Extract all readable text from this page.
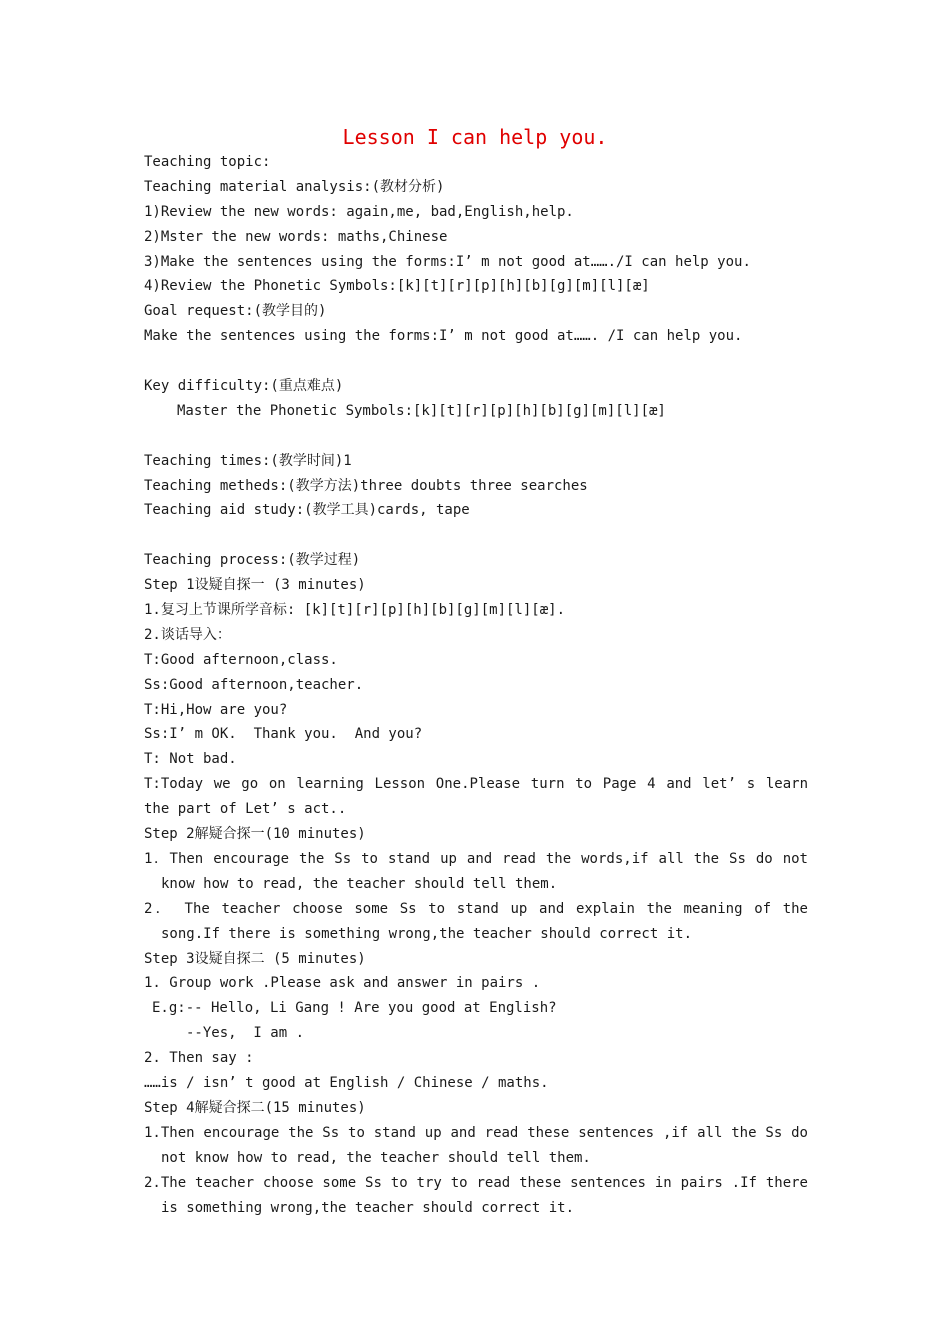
Lesson I can help you.
Teaching topic:
Teaching material analysis:(教材分析)
1)Review the new words: again,me, bad,English,help.
2)Mster the new words: maths,Chinese
3)Make the sentences using the forms:I’ m not good at……./I can help you.
4)Review the Phonetic Symbols:[k][t][r][p][h][b][g][m][l][æ]
Goal request:(教学目的)
Make the sentences using the forms:I’ m not good at……. /I can help you.
Key difficulty:(重点难点)
Master the Phonetic Symbols:[k][t][r][p][h][b][g][m][l][æ]
Teaching times:(教学时间)1
Teaching metheds:(教学方法)three doubts three searches
Teaching aid study:(教学工具)cards, tape
Teaching process:(教学过程)
Step 1设疑自探一 (3 minutes)
1.复习上节课所学音标: [k][t][r][p][h][b][g][m][l][æ].
2.谈话导入：
T:Good afternoon,class.
Ss:Good afternoon,teacher.
T:Hi,How are you?
Ss:I’ m OK.  Thank you.  And you?
T: Not bad.
T:Today we go on learning Lesson One.Please turn to Page 4 and let’ s learn the part of Let’ s act..
Step 2解疑合探一(10 minutes)
1．Then encourage the Ss to stand up and read the words,if all the Ss do not know how to read, the teacher should tell them.
2． The teacher choose some Ss to stand up and explain the meaning of the song.If there is something wrong,the teacher should correct it.
Step 3设疑自探二 (5 minutes)
1. Group work .Please ask and answer in pairs .
E.g:-- Hello, Li Gang ! Are you good at English?
--Yes,  I am .
2. Then say :
……is / isn’ t good at English / Chinese / maths.
Step 4解疑合探二(15 minutes)
1.Then encourage the Ss to stand up and read these sentences ,if all the Ss do not know how to read, the teacher should tell them.
2.The teacher choose some Ss to try to read these sentences in pairs .If there is something wrong,the teacher should correct it.
